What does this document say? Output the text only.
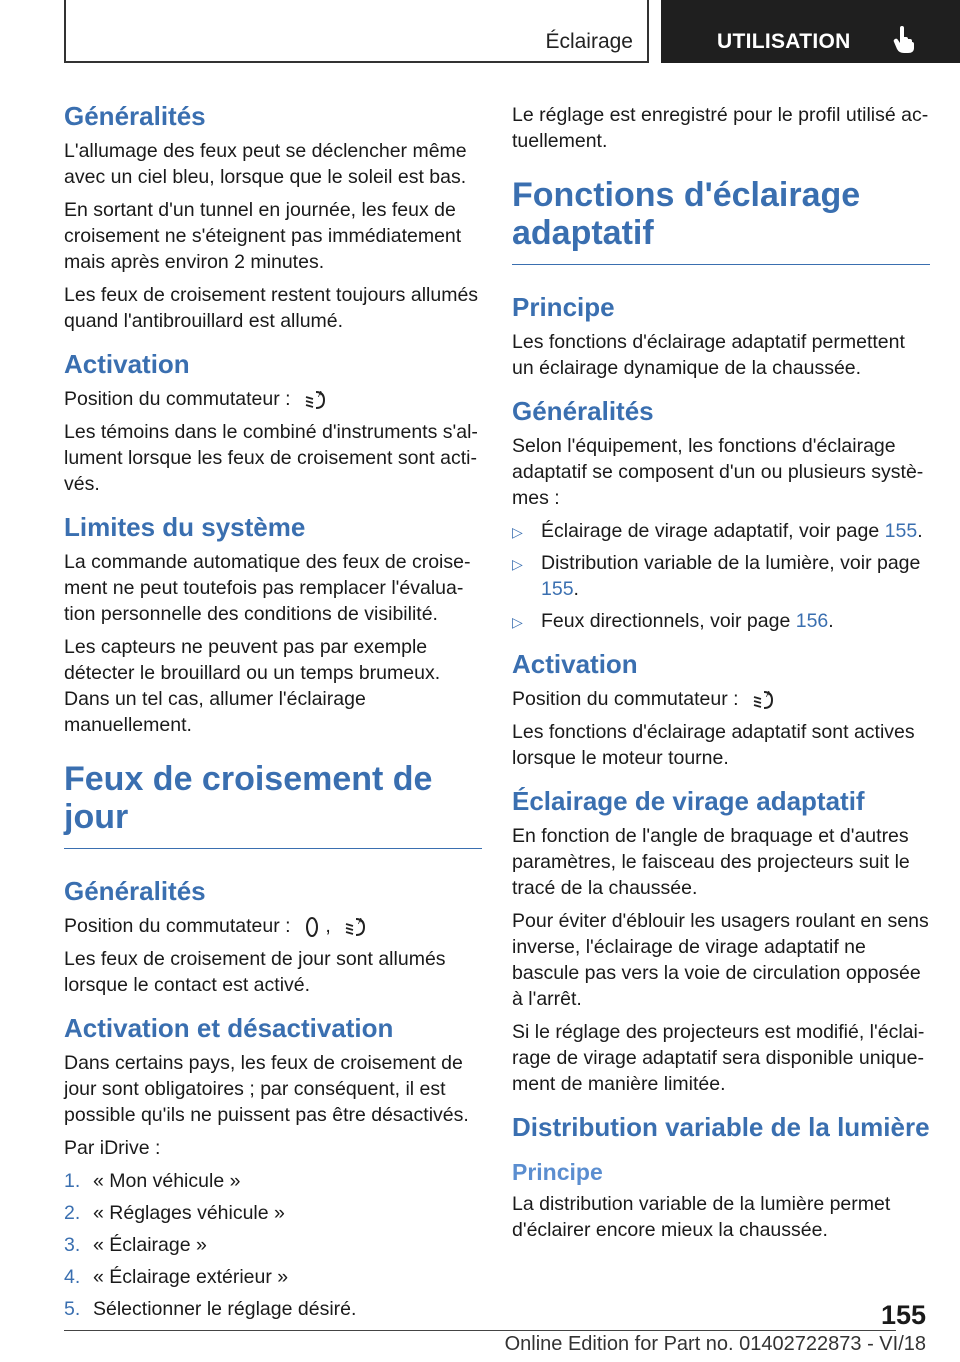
Éclairage	UTILISATION
Généralités

L'allumage des feux peut se déclencher même avec un ciel bleu, lorsque que le soleil est bas.

En sortant d'un tunnel en journée, les feux de croisement ne s'éteignent pas immédiatement mais après environ 2 minutes.

Les feux de croisement restent toujours allumés quand l'antibrouillard est allumé.

Activation

Position du commutateur :	A

Les témoins dans le combiné d'instruments s'allument lorsque les feux de croisement sont activés.

Limites du système

La commande automatique des feux de croisement ne peut toutefois pas remplacer l'évaluation personnelle des conditions de visibilité.

Les capteurs ne peuvent pas par exemple détecter le brouillard ou un temps brumeux. Dans un tel cas, allumer l'éclairage manuellement.

Feux de croisement de jour
Généralités

Position du commutateur : ,	A

Les feux de croisement de jour sont allumés lorsque le contact est activé.

Activation et désactivation

Dans certains pays, les feux de croisement de jour sont obligatoires ; par conséquent, il est possible qu'ils ne puissent pas être désactivés.

Par iDrive :

1. « Mon véhicule »
2. « Réglages véhicule »
3. « Éclairage »
4. « Éclairage extérieur »
5. Sélectionner le réglage désiré.

Le réglage est enregistré pour le profil utilisé actuellement.

Fonctions d'éclairage adaptatif
Principe

Les fonctions d'éclairage adaptatif permettent un éclairage dynamique de la chaussée.

Généralités

Selon l'équipement, les fonctions d'éclairage adaptatif se composent d'un ou plusieurs systèmes :

▷ Éclairage de virage adaptatif, voir page 155.
▷ Distribution variable de la lumière, voir page 155.
▷ Feux directionnels, voir page 156.
Activation

Position du commutateur :	A

Les fonctions d'éclairage adaptatif sont actives lorsque le moteur tourne.

Éclairage de virage adaptatif

En fonction de l'angle de braquage et d'autres paramètres, le faisceau des projecteurs suit le tracé de la chaussée.

Pour éviter d'éblouir les usagers roulant en sens inverse, l'éclairage de virage adaptatif ne bascule pas vers la voie de circulation opposée à l'arrêt.

Si le réglage des projecteurs est modifié, l'éclairage de virage adaptatif sera disponible uniquement de manière limitée.

Distribution variable de la lumière
Principe

La distribution variable de la lumière permet d'éclairer encore mieux la chaussée.

155
Online Edition for Part no. 01402722873 - VI/18
